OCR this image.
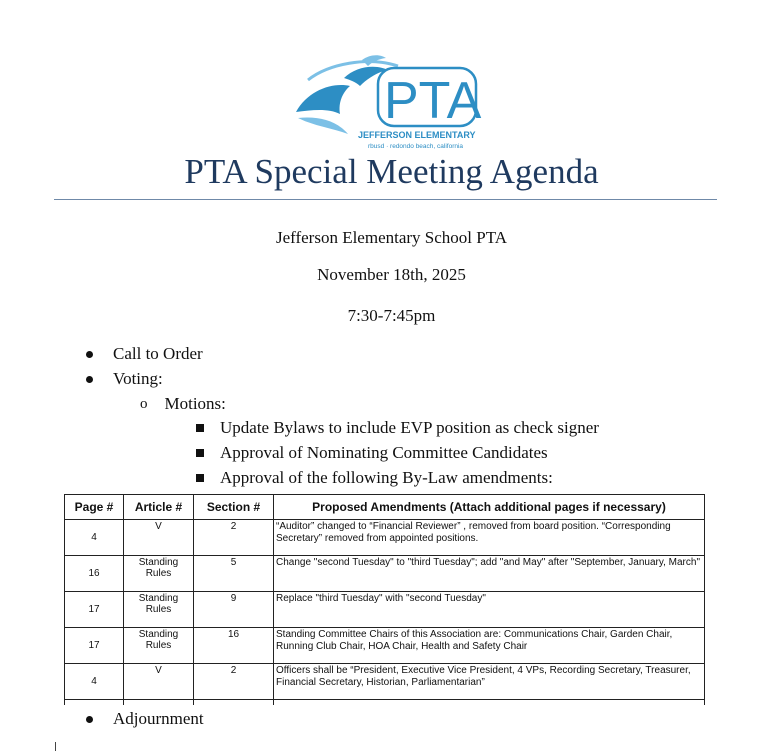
PTA
JEFFERSON ELEMENTARY
rbusd · redondo beach, california
PTA Special Meeting Agenda
Jefferson Elementary School PTA
November 18th, 2025
7:30-7:45pm
Call to Order
Voting:
o Motions:
Update Bylaws to include EVP position as check signer
Approval of Nominating Committee Candidates
Approval of the following By-Law amendments:
Page #	Article #	Section #	Proposed Amendments (Attach additional pages if necessary)
4	V	2	“Auditor” changed to “Financial Reviewer” , removed from board position. “Corresponding Secretary” removed from appointed positions.
16	Standing Rules	5	Change "second Tuesday" to "third Tuesday"; add "and May" after "September, January, March"
17	Standing Rules	9	Replace "third Tuesday" with "second Tuesday"
17	Standing Rules	16	Standing Committee Chairs of this Association are: Communications Chair, Garden Chair, Running Club Chair, HOA Chair, Health and Safety Chair
4	V	2	Officers shall be “President, Executive Vice President, 4 VPs, Recording Secretary, Treasurer, Financial Secretary, Historian, Parliamentarian”

Adjournment
